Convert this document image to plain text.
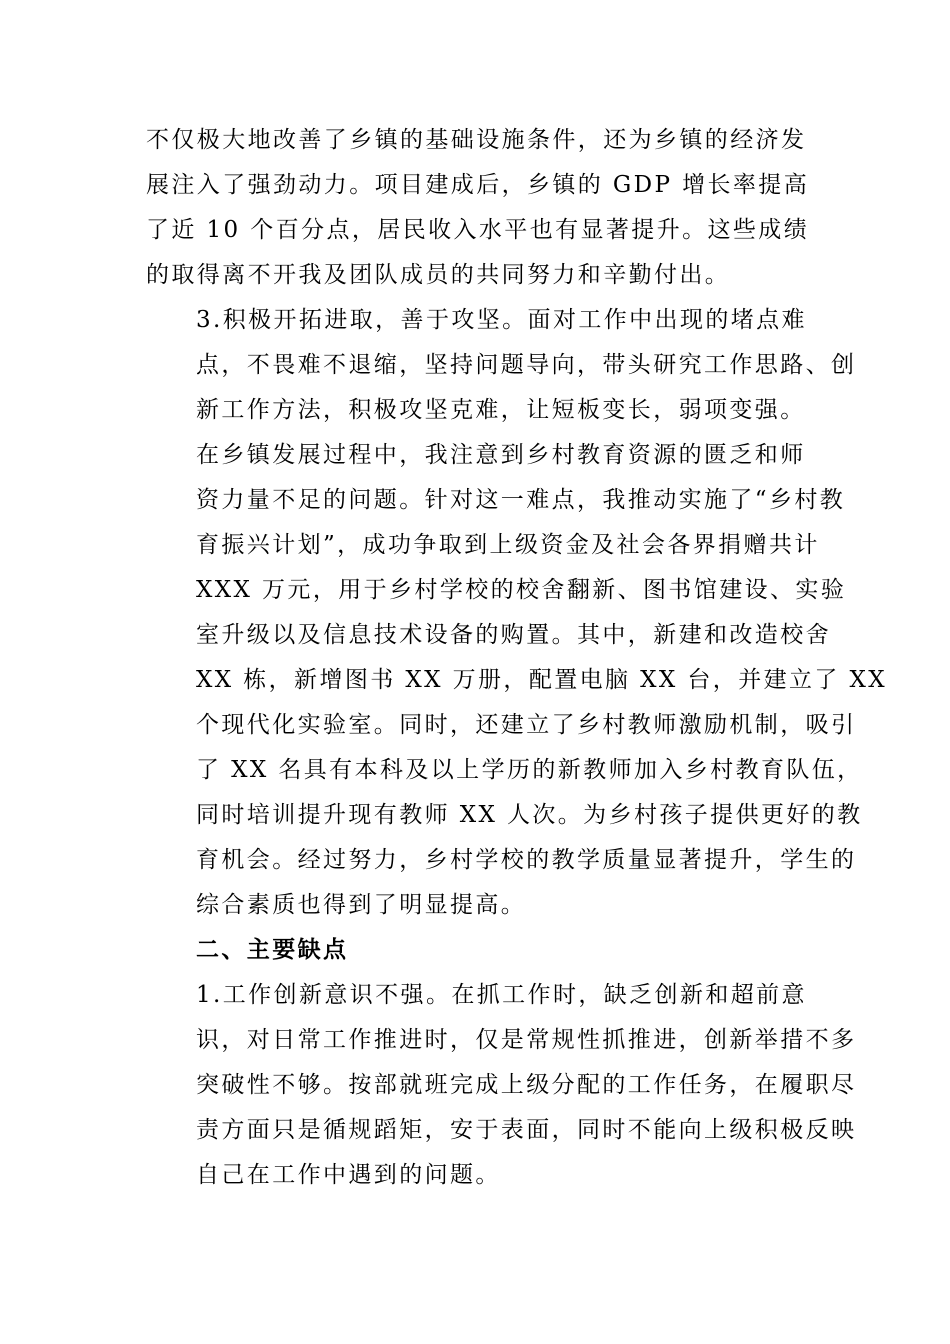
不仅极大地改善了乡镇的基础设施条件，还为乡镇的经济发
展注入了强劲动力。项目建成后，乡镇的 GDP 增长率提高
了近 10 个百分点，居民收入水平也有显著提升。这些成绩
的取得离不开我及团队成员的共同努力和辛勤付出。

3.积极开拓进取，善于攻坚。面对工作中出现的堵点难
点，不畏难不退缩，坚持问题导向，带头研究工作思路、创
新工作方法，积极攻坚克难，让短板变长，弱项变强。

在乡镇发展过程中，我注意到乡村教育资源的匮乏和师
资力量不足的问题。针对这一难点，我推动实施了“乡村教
育振兴计划”，成功争取到上级资金及社会各界捐赠共计
XXX 万元，用于乡村学校的校舍翻新、图书馆建设、实验
室升级以及信息技术设备的购置。其中，新建和改造校舍
XX 栋，新增图书 XX 万册，配置电脑 XX 台，并建立了 XX
个现代化实验室。同时，还建立了乡村教师激励机制，吸引
了 XX 名具有本科及以上学历的新教师加入乡村教育队伍，
同时培训提升现有教师 XX 人次。为乡村孩子提供更好的教
育机会。经过努力，乡村学校的教学质量显著提升，学生的
综合素质也得到了明显提高。

二、主要缺点

1.工作创新意识不强。在抓工作时，缺乏创新和超前意
识，对日常工作推进时，仅是常规性抓推进，创新举措不多
突破性不够。按部就班完成上级分配的工作任务，在履职尽
责方面只是循规蹈矩，安于表面，同时不能向上级积极反映
自己在工作中遇到的问题。
